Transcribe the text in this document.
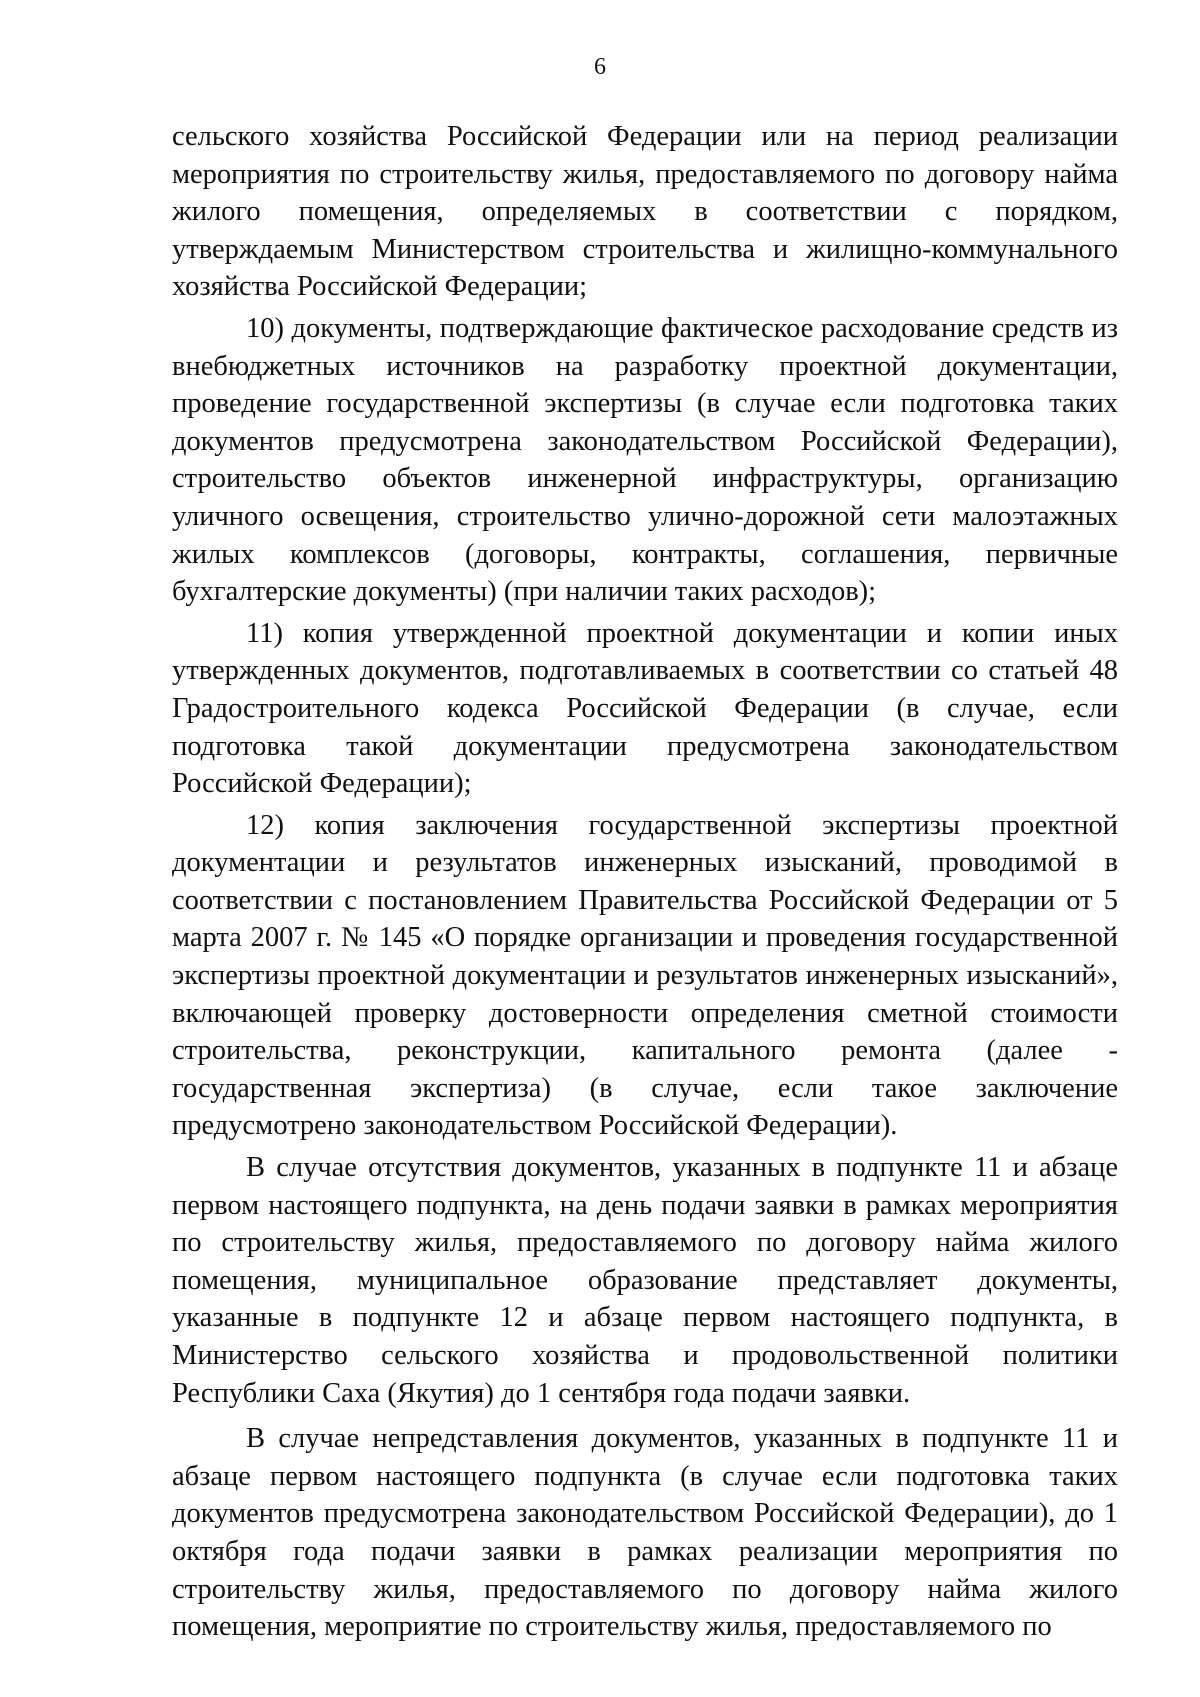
6

сельского хозяйства Российской Федерации или на период реализации мероприятия по строительству жилья, предоставляемого по договору найма жилого помещения, определяемых в соответствии с порядком, утверждаемым Министерством строительства и жилищно-коммунального хозяйства Российской Федерации;

10) документы, подтверждающие фактическое расходование средств из внебюджетных источников на разработку проектной документации, проведение государственной экспертизы (в случае если подготовка таких документов предусмотрена законодательством Российской Федерации), строительство объектов инженерной инфраструктуры, организацию уличного освещения, строительство улично-дорожной сети малоэтажных жилых комплексов (договоры, контракты, соглашения, первичные бухгалтерские документы) (при наличии таких расходов);

11) копия утвержденной проектной документации и копии иных утвержденных документов, подготавливаемых в соответствии со статьей 48 Градостроительного кодекса Российской Федерации (в случае, если подготовка такой документации предусмотрена законодательством Российской Федерации);

12) копия заключения государственной экспертизы проектной документации и результатов инженерных изысканий, проводимой в соответствии с постановлением Правительства Российской Федерации от 5 марта 2007 г. № 145 «О порядке организации и проведения государственной экспертизы проектной документации и результатов инженерных изысканий», включающей проверку достоверности определения сметной стоимости строительства, реконструкции, капитального ремонта (далее - государственная экспертиза) (в случае, если такое заключение предусмотрено законодательством Российской Федерации).

В случае отсутствия документов, указанных в подпункте 11 и абзаце первом настоящего подпункта, на день подачи заявки в рамках мероприятия по строительству жилья, предоставляемого по договору найма жилого помещения, муниципальное образование представляет документы, указанные в подпункте 12 и абзаце первом настоящего подпункта, в Министерство сельского хозяйства и продовольственной политики Республики Саха (Якутия) до 1 сентября года подачи заявки.

В случае непредставления документов, указанных в подпункте 11 и абзаце первом настоящего подпункта (в случае если подготовка таких документов предусмотрена законодательством Российской Федерации), до 1 октября года подачи заявки в рамках реализации мероприятия по строительству жилья, предоставляемого по договору найма жилого помещения, мероприятие по строительству жилья, предоставляемого по
